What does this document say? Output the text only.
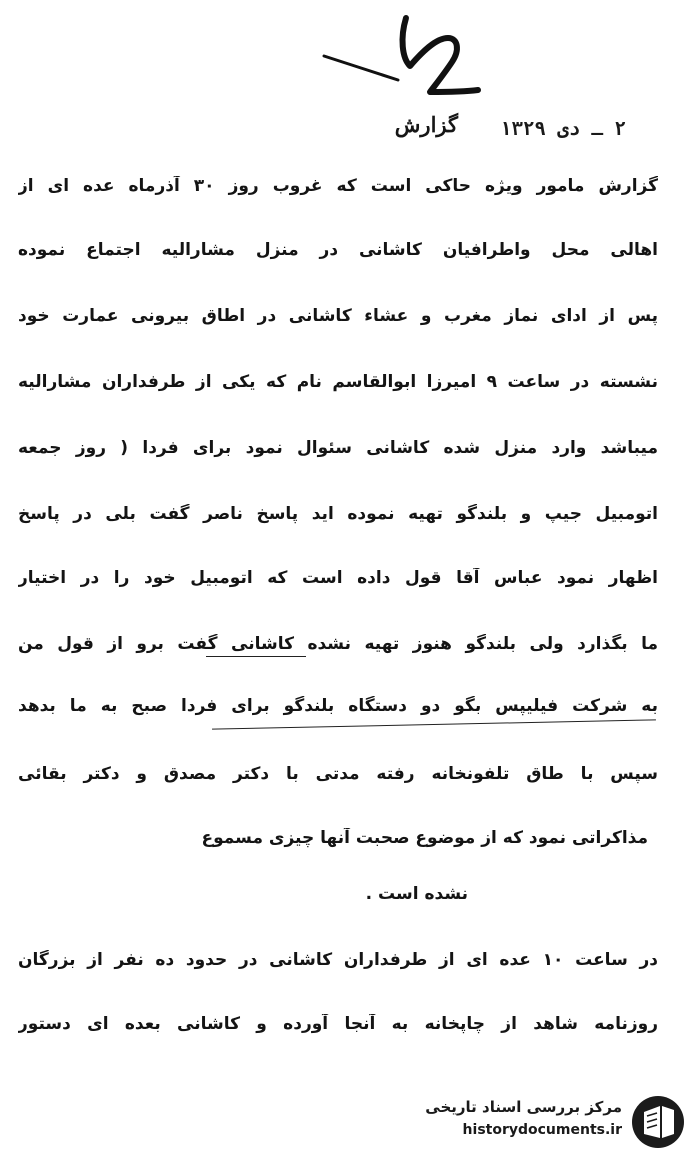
گزارش ۲ ـ دی ۱۳۲۹
گزارش مامور ویژه حاکی است که غروب روز ۳۰ آذرماه عده ای از
اهالی محل واطرافیان کاشانی در منزل مشارالیه اجتماع نموده
پس از ادای نماز مغرب و عشاء کاشانی در اطاق بیرونی عمارت خود
نشسته در ساعت ۹ امیرزا ابوالقاسم نام که یکی از طرفداران مشارالیه
میباشد وارد منزل شده کاشانی سئوال نمود برای فردا ( روز جمعه
اتومبیل جیپ و بلندگو تهیه نموده اید پاسخ ناصر گفت بلی در پاسخ
اظهار نمود عباس آقا قول داده است که اتومبیل خود را در اختیار
ما بگذارد ولی بلندگو هنوز تهیه نشده کاشانی گفت برو از قول من
به شرکت فیلیپس بگو دو دستگاه بلندگو برای فردا صبح به ما بدهد
سپس با طاق تلفونخانه رفته مدتی با دکتر مصدق و دکتر بقائی
مذاکراتی نمود که از موضوع صحبت آنها چیزی مسموع
نشده است .
در ساعت ۱۰ عده ای از طرفداران کاشانی در حدود ده نفر از بزرگان
روزنامه شاهد از چاپخانه به آنجا آورده و کاشانی بعده ای دستور
مرکز بررسی اسناد تاریخی
historydocuments.ir
